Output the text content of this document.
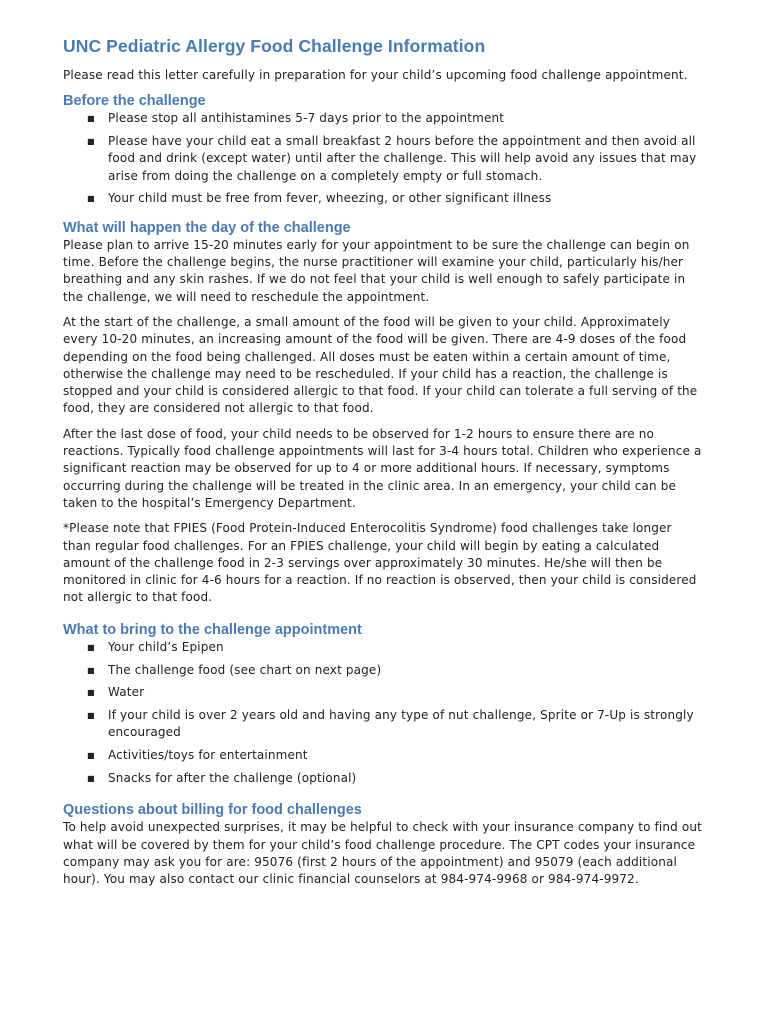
UNC Pediatric Allergy Food Challenge Information

Please read this letter carefully in preparation for your child’s upcoming food challenge appointment.

Before the challenge
■ Please stop all antihistamines 5-7 days prior to the appointment
■ Please have your child eat a small breakfast 2 hours before the appointment and then avoid all food and drink (except water) until after the challenge. This will help avoid any issues that may arise from doing the challenge on a completely empty or full stomach.
■ Your child must be free from fever, wheezing, or other significant illness
What will happen the day of the challenge

Please plan to arrive 15-20 minutes early for your appointment to be sure the challenge can begin on time. Before the challenge begins, the nurse practitioner will examine your child, particularly his/her breathing and any skin rashes. If we do not feel that your child is well enough to safely participate in the challenge, we will need to reschedule the appointment.

At the start of the challenge, a small amount of the food will be given to your child. Approximately every 10-20 minutes, an increasing amount of the food will be given. There are 4-9 doses of the food depending on the food being challenged. All doses must be eaten within a certain amount of time, otherwise the challenge may need to be rescheduled. If your child has a reaction, the challenge is stopped and your child is considered allergic to that food. If your child can tolerate a full serving of the food, they are considered not allergic to that food.

After the last dose of food, your child needs to be observed for 1-2 hours to ensure there are no reactions. Typically food challenge appointments will last for 3-4 hours total. Children who experience a significant reaction may be observed for up to 4 or more additional hours. If necessary, symptoms occurring during the challenge will be treated in the clinic area. In an emergency, your child can be taken to the hospital’s Emergency Department.

*Please note that FPIES (Food Protein-Induced Enterocolitis Syndrome) food challenges take longer than regular food challenges. For an FPIES challenge, your child will begin by eating a calculated amount of the challenge food in 2-3 servings over approximately 30 minutes. He/she will then be monitored in clinic for 4-6 hours for a reaction. If no reaction is observed, then your child is considered not allergic to that food.

What to bring to the challenge appointment
■ Your child’s Epipen
■ The challenge food (see chart on next page)
■ Water
■ If your child is over 2 years old and having any type of nut challenge, Sprite or 7-Up is strongly encouraged
■ Activities/toys for entertainment
■ Snacks for after the challenge (optional)
Questions about billing for food challenges

To help avoid unexpected surprises, it may be helpful to check with your insurance company to find out what will be covered by them for your child’s food challenge procedure. The CPT codes your insurance company may ask you for are: 95076 (first 2 hours of the appointment) and 95079 (each additional hour). You may also contact our clinic financial counselors at 984-974-9968 or 984-974-9972.
